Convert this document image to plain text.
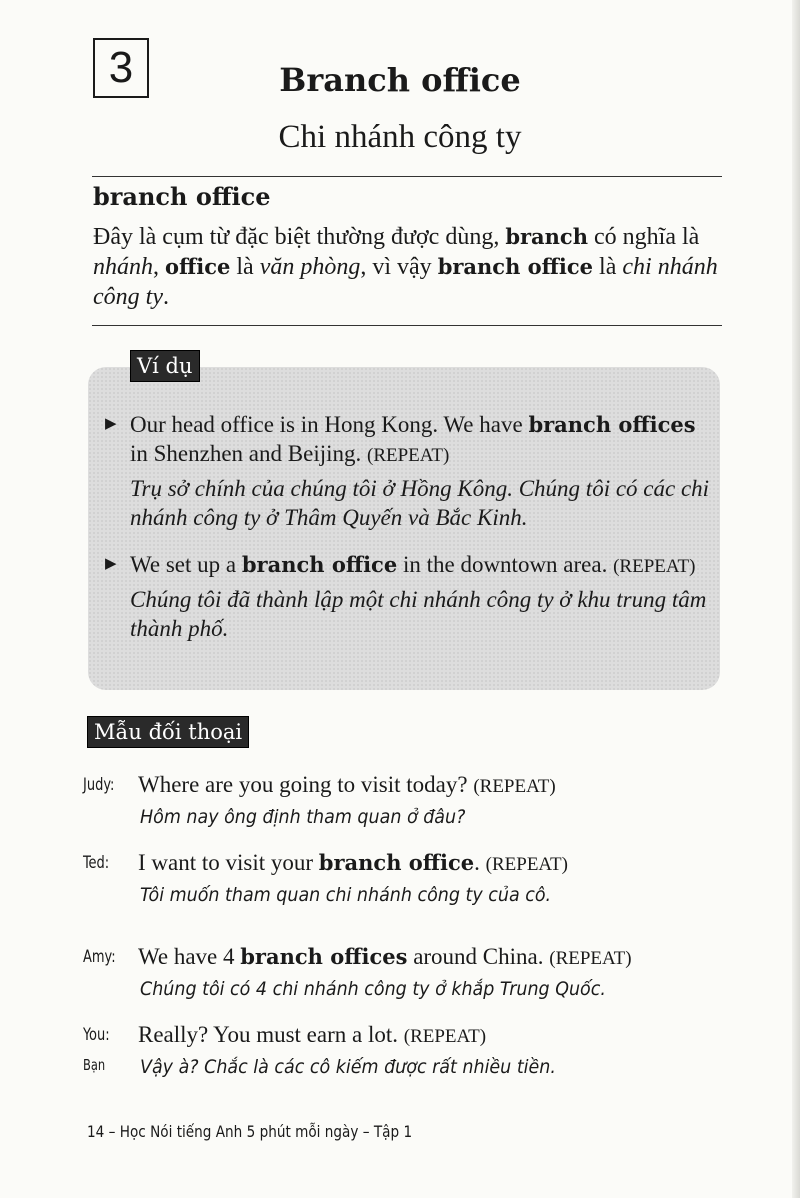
3	Branch office
Chi nhánh công ty
branch office
Đây là cụm từ đặc biệt thường được dùng, branch có nghĩa là nhánh, office là văn phòng, vì vậy branch office là chi nhánh công ty.
Ví dụ
▶ Our head office is in Hong Kong. We have branch offices in Shenzhen and Beijing. (REPEAT)
Trụ sở chính của chúng tôi ở Hồng Kông. Chúng tôi có các chi nhánh công ty ở Thâm Quyến và Bắc Kinh.
▶ We set up a branch office in the downtown area. (REPEAT)
Chúng tôi đã thành lập một chi nhánh công ty ở khu trung tâm thành phố.
Mẫu đối thoại
Judy: Where are you going to visit today? (REPEAT)
Hôm nay ông định tham quan ở đâu?
Ted: I want to visit your branch office. (REPEAT)
Tôi muốn tham quan chi nhánh công ty của cô.
Amy: We have 4 branch offices around China. (REPEAT)
Chúng tôi có 4 chi nhánh công ty ở khắp Trung Quốc.
You:
Bạn
Really? You must earn a lot. (REPEAT)
Vậy à? Chắc là các cô kiếm được rất nhiều tiền.
14 – Học Nói tiếng Anh 5 phút mỗi ngày – Tập 1
